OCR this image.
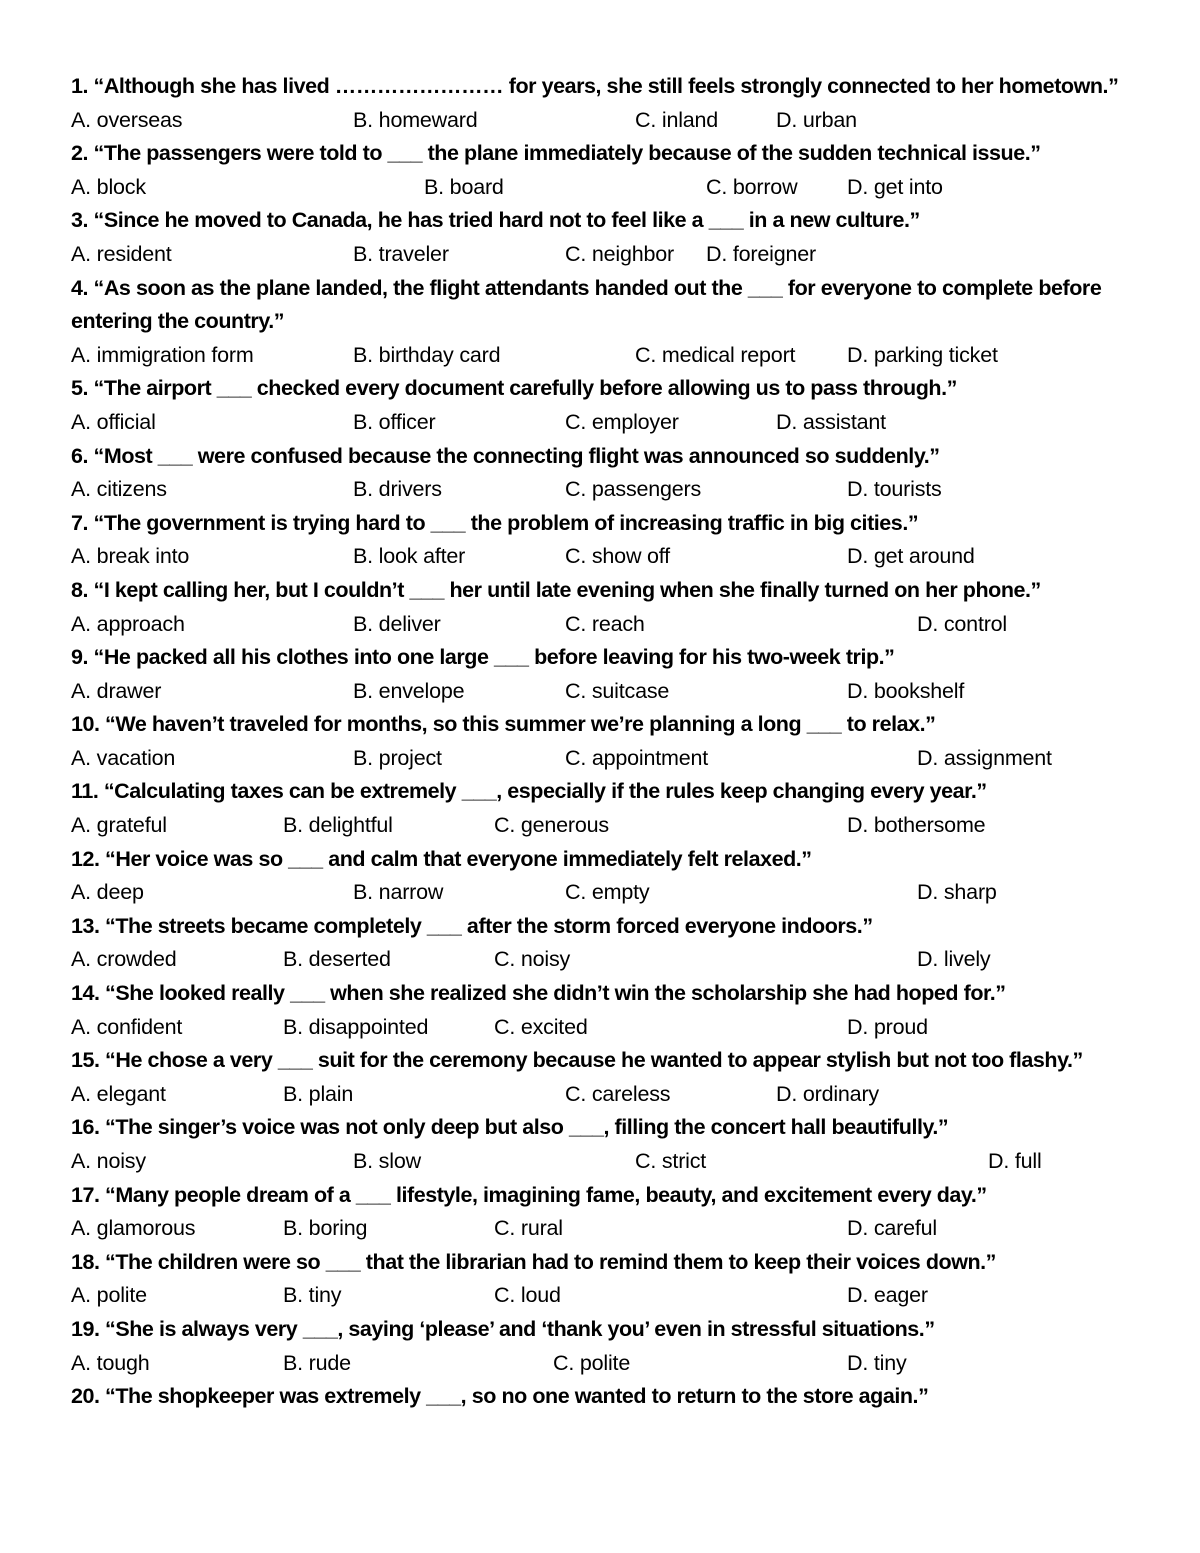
1. “Although she has lived …………………… for years, she still feels strongly connected to her hometown.”
A. overseas	B. homeward	C. inland	D. urban
2. “The passengers were told to ___ the plane immediately because of the sudden technical issue.”
A. block	B. board	C. borrow D. get into
3. “Since he moved to Canada, he has tried hard not to feel like a ___ in a new culture.”
A. resident	B. traveler	C. neighbor D. foreigner
4. “As soon as the plane landed, the flight attendants handed out the ___ for everyone to complete before entering the country.”
A. immigration form	B. birthday card	C. medical report D. parking ticket
5. “The airport ___ checked every document carefully before allowing us to pass through.”
A. official	B. officer	C. employer	D. assistant
6. “Most ___ were confused because the connecting flight was announced so suddenly.”
A. citizens	B. drivers	C. passengers	D. tourists
7. “The government is trying hard to ___ the problem of increasing traffic in big cities.”
A. break into	B. look after	C. show off	D. get around
8. “I kept calling her, but I couldn’t ___ her until late evening when she finally turned on her phone.”
A. approach	B. deliver	C. reach	D. control
9. “He packed all his clothes into one large ___ before leaving for his two-week trip.”
A. drawer	B. envelope	C. suitcase	D. bookshelf
10. “We haven’t traveled for months, so this summer we’re planning a long ___ to relax.”
A. vacation	B. project	C. appointment	D. assignment
11. “Calculating taxes can be extremely ___, especially if the rules keep changing every year.”
A. grateful	B. delightful	C. generous	D. bothersome
12. “Her voice was so ___ and calm that everyone immediately felt relaxed.”
A. deep	B. narrow	C. empty	D. sharp
13. “The streets became completely ___ after the storm forced everyone indoors.”
A. crowded	B. deserted	C. noisy	D. lively
14. “She looked really ___ when she realized she didn’t win the scholarship she had hoped for.”
A. confident	B. disappointed	C. excited	D. proud
15. “He chose a very ___ suit for the ceremony because he wanted to appear stylish but not too flashy.”
A. elegant	B. plain	C. careless	D. ordinary
16. “The singer’s voice was not only deep but also ___, filling the concert hall beautifully.”
A. noisy	B. slow	C. strict	D. full
17. “Many people dream of a ___ lifestyle, imagining fame, beauty, and excitement every day.”
A. glamorous	B. boring	C. rural	D. careful
18. “The children were so ___ that the librarian had to remind them to keep their voices down.”
A. polite	B. tiny	C. loud	D. eager
19. “She is always very ___, saying ‘please’ and ‘thank you’ even in stressful situations.”
A. tough	B. rude	C. polite	D. tiny
20. “The shopkeeper was extremely ___, so no one wanted to return to the store again.”
